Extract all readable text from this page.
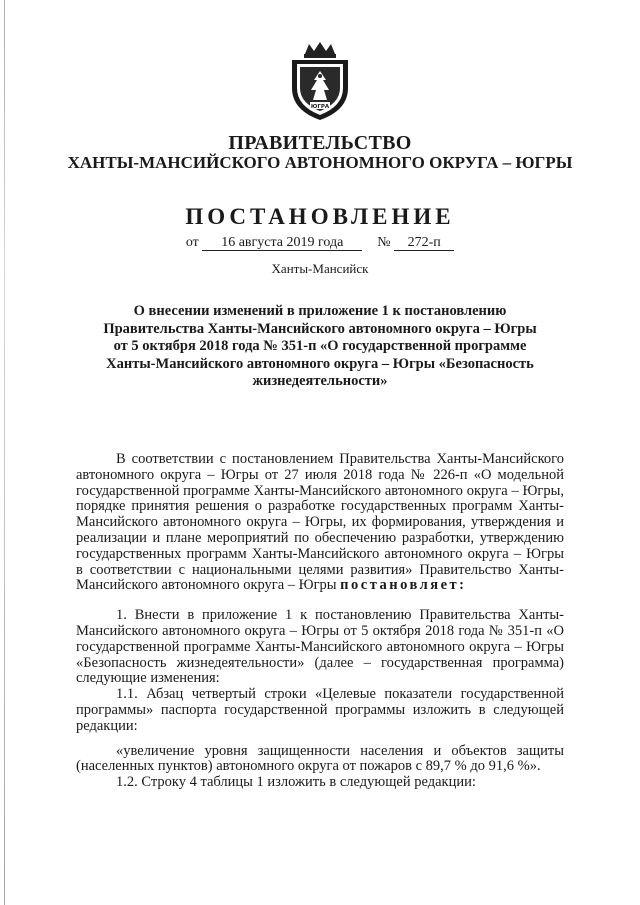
ЮГРА
ПРАВИТЕЛЬСТВО
ХАНТЫ-МАНСИЙСКОГО АВТОНОМНОГО ОКРУГА – ЮГРЫ
ПОСТАНОВЛЕНИЕ
от 16 августа 2019 года № 272-п
Ханты-Мансийск
О внесении изменений в приложение 1 к постановлению Правительства Ханты-Мансийского автономного округа – Югры от 5 октября 2018 года № 351-п «О государственной программе Ханты-Мансийского автономного округа – Югры «Безопасность жизнедеятельности»

В соответствии с постановлением Правительства Ханты-Мансийского автономного округа – Югры от 27 июля 2018 года № 226-п «О модельной государственной программе Ханты-Мансийского автономного округа – Югры, порядке принятия решения о разработке государственных программ Ханты-Мансийского автономного округа – Югры, их формирования, утверждения и реализации и плане мероприятий по обеспечению разработки, утверждению государственных программ Ханты-Мансийского автономного округа – Югры в соответствии с национальными целями развития» Правительство Ханты-Мансийского автономного округа – Югры постановляет:

1. Внести в приложение 1 к постановлению Правительства Ханты-Мансийского автономного округа – Югры от 5 октября 2018 года № 351-п «О государственной программе Ханты-Мансийского автономного округа – Югры «Безопасность жизнедеятельности» (далее – государственная программа) следующие изменения:

1.1. Абзац четвертый строки «Целевые показатели государственной программы» паспорта государственной программы изложить в следующей редакции:

«увеличение уровня защищенности населения и объектов защиты (населенных пунктов) автономного округа от пожаров с 89,7 % до 91,6 %».

1.2. Строку 4 таблицы 1 изложить в следующей редакции:
